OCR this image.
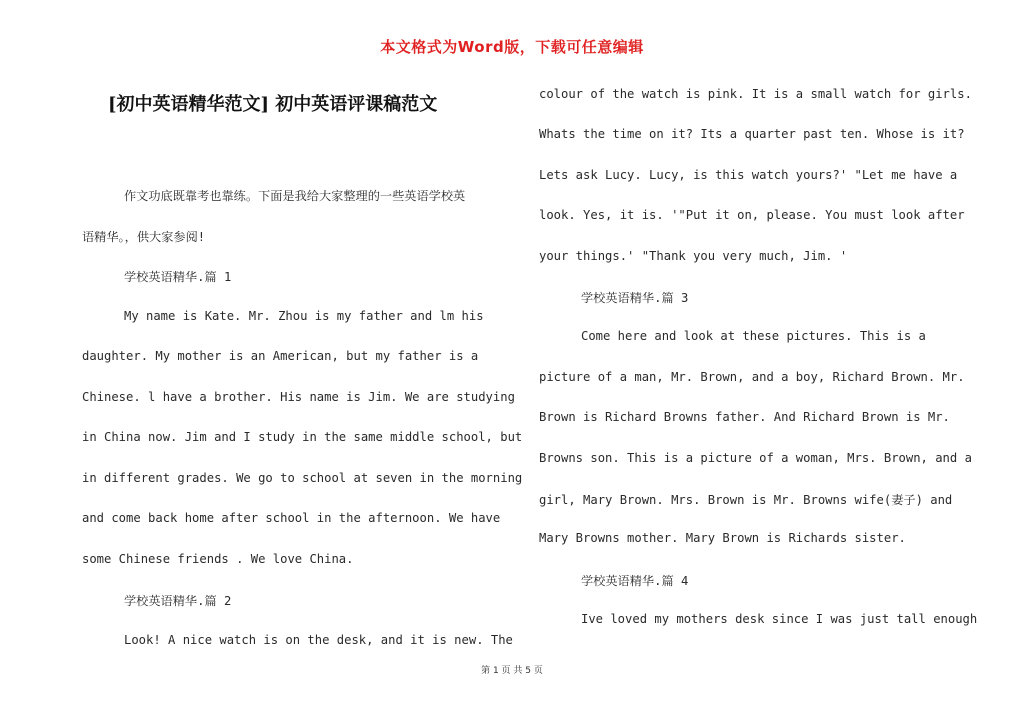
本文格式为Word版，下载可任意编辑
[初中英语精华范文] 初中英语评课稿范文
作文功底既靠考也靠练。下面是我给大家整理的一些英语学校英
语精华。，供大家参阅!
学校英语精华.篇 1
My name is Kate. Mr. Zhou is my father and lm his
daughter. My mother is an American, but my father is a
Chinese. l have a brother. His name is Jim. We are studying
in China now. Jim and I study in the same middle school, but
in different grades. We go to school at seven in the morning
and come back home after school in the afternoon. We have
some Chinese friends . We love China.
学校英语精华.篇 2
Look! A nice watch is on the desk, and it is new. The
colour of the watch is pink. It is a small watch for girls.
Whats the time on it? Its a quarter past ten. Whose is it?
Lets ask Lucy. Lucy, is this watch yours?' "Let me have a
look. Yes, it is. '"Put it on, please. You must look after
your things.' "Thank you very much, Jim. '
学校英语精华.篇 3
Come here and look at these pictures. This is a
picture of a man, Mr. Brown, and a boy, Richard Brown. Mr.
Brown is Richard Browns father. And Richard Brown is Mr.
Browns son. This is a picture of a woman, Mrs. Brown, and a
girl, Mary Brown. Mrs. Brown is Mr. Browns wife(妻子) and
Mary Browns mother. Mary Brown is Richards sister.
学校英语精华.篇 4
Ive loved my mothers desk since I was just tall enough
第 1 页 共 5 页
